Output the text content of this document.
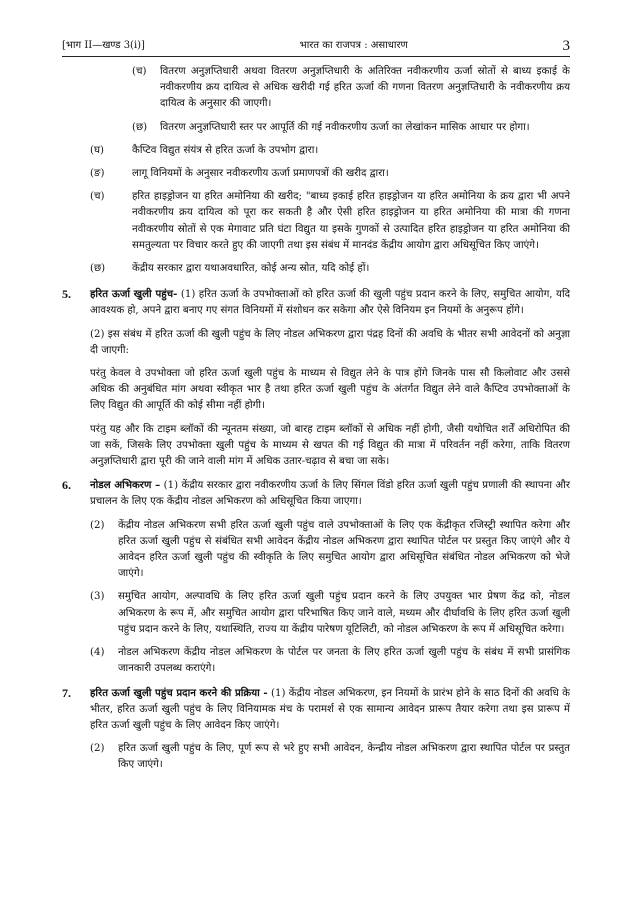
[भाग II—खण्ड 3(i)]	भारत का राजपत्र : असाधारण	3
(च)	वितरण अनुज्ञप्तिधारी अथवा वितरण अनुज्ञप्तिधारी के अतिरिक्त नवीकरणीय ऊर्जा स्रोतों से बाध्य इकाई के नवीकरणीय क्रय दायित्व से अधिक खरीदी गई हरित ऊर्जा की गणना वितरण अनुज्ञप्तिधारी के नवीकरणीय क्रय दायित्व के अनुसार की जाएगी।
(छ)	वितरण अनुज्ञप्तिधारी स्तर पर आपूर्ति की गई नवीकरणीय ऊर्जा का लेखांकन मासिक आधार पर होगा।
(घ)	कैप्टिव विद्युत संयंत्र से हरित ऊर्जा के उपभोग द्वारा।
(ङ)	लागू विनियमों के अनुसार नवीकरणीय ऊर्जा प्रमाणपत्रों की खरीद द्वारा।
(च)	हरित हाइड्रोजन या हरित अमोनिया की खरीद; "बाध्य इकाई हरित हाइड्रोजन या हरित अमोनिया के क्रय द्वारा भी अपने नवीकरणीय क्रय दायित्व को पूरा कर सकती है और ऐसी हरित हाइड्रोजन या हरित अमोनिया की मात्रा की गणना नवीकरणीय स्रोतों से एक मेगावाट प्रति घंटा विद्युत या इसके गुणकों से उत्पादित हरित हाइड्रोजन या हरित अमोनिया की समतुल्यता पर विचार करते हुए की जाएगी तथा इस संबंध में मानदंड केंद्रीय आयोग द्वारा अधिसूचित किए जाएंगे।
(छ)	केंद्रीय सरकार द्वारा यथाअवधारित, कोई अन्य स्रोत, यदि कोई हों।
5.	हरित ऊर्जा खुली पहुंच- (1) हरित ऊर्जा के उपभोक्ताओं को हरित ऊर्जा की खुली पहुंच प्रदान करने के लिए, समुचित आयोग, यदि आवश्यक हो, अपने द्वारा बनाए गए संगत विनियमों में संशोधन कर सकेगा और ऐसे विनियम इन नियमों के अनुरूप होंगे।
(2) इस संबंध में हरित ऊर्जा की खुली पहुंच के लिए नोडल अभिकरण द्वारा पंद्रह दिनों की अवधि के भीतर सभी आवेदनों को अनुज्ञा दी जाएगी:
परंतु केवल वे उपभोक्ता जो हरित ऊर्जा खुली पहुंच के माध्यम से विद्युत लेने के पात्र होंगे जिनके पास सौ किलोवाट और उससे अधिक की अनुबंधित मांग अथवा स्वीकृत भार है तथा हरित ऊर्जा खुली पहुंच के अंतर्गत विद्युत लेने वाले कैप्टिव उपभोक्ताओं के लिए विद्युत की आपूर्ति की कोई सीमा नहीं होगी।
परंतु यह और कि टाइम ब्लॉकों की न्यूनतम संख्या, जो बारह टाइम ब्लॉकों से अधिक नहीं होगी, जैसी यथोचित शर्तें अधिरोपित की जा सकें, जिसके लिए उपभोक्ता खुली पहुंच के माध्यम से खपत की गई विद्युत की मात्रा में परिवर्तन नहीं करेगा, ताकि वितरण अनुज्ञप्तिधारी द्वारा पूरी की जाने वाली मांग में अधिक उतार-चढ़ाव से बचा जा सके।
6.	नोडल अभिकरण – (1) केंद्रीय सरकार द्वारा नवीकरणीय ऊर्जा के लिए सिंगल विंडो हरित ऊर्जा खुली पहुंच प्रणाली की स्थापना और प्रचालन के लिए एक केंद्रीय नोडल अभिकरण को अधिसूचित किया जाएगा।
(2)	केंद्रीय नोडल अभिकरण सभी हरित ऊर्जा खुली पहुंच वाले उपभोक्ताओं के लिए एक केंद्रीकृत रजिस्ट्री स्थापित करेगा और हरित ऊर्जा खुली पहुंच से संबंधित सभी आवेदन केंद्रीय नोडल अभिकरण द्वारा स्थापित पोर्टल पर प्रस्तुत किए जाएंगे और ये आवेदन हरित ऊर्जा खुली पहुंच की स्वीकृति के लिए समुचित आयोग द्वारा अधिसूचित संबंधित नोडल अभिकरण को भेजे जाएंगे।
(3)	समुचित आयोग, अल्पावधि के लिए हरित ऊर्जा खुली पहुंच प्रदान करने के लिए उपयुक्त भार प्रेषण केंद्र को, नोडल अभिकरण के रूप में, और समुचित आयोग द्वारा परिभाषित किए जाने वाले, मध्यम और दीर्घावधि के लिए हरित ऊर्जा खुली पहुंच प्रदान करने के लिए, यथास्थिति, राज्य या केंद्रीय पारेषण यूटिलिटी, को नोडल अभिकरण के रूप में अधिसूचित करेगा।
(4)	नोडल अभिकरण केंद्रीय नोडल अभिकरण के पोर्टल पर जनता के लिए हरित ऊर्जा खुली पहुंच के संबंध में सभी प्रासंगिक जानकारी उपलब्ध कराएंगे।
7.	हरित ऊर्जा खुली पहुंच प्रदान करने की प्रक्रिया - (1) केंद्रीय नोडल अभिकरण, इन नियमों के प्रारंभ होने के साठ दिनों की अवधि के भीतर, हरित ऊर्जा खुली पहुंच के लिए विनियामक मंच के परामर्श से एक सामान्य आवेदन प्रारूप तैयार करेगा तथा इस प्रारूप में हरित ऊर्जा खुली पहुंच के लिए आवेदन किए जाएंगे।
(2)	हरित ऊर्जा खुली पहुंच के लिए, पूर्ण रूप से भरे हुए सभी आवेदन, केन्द्रीय नोडल अभिकरण द्वारा स्थापित पोर्टल पर प्रस्तुत किए जाएंगे।
